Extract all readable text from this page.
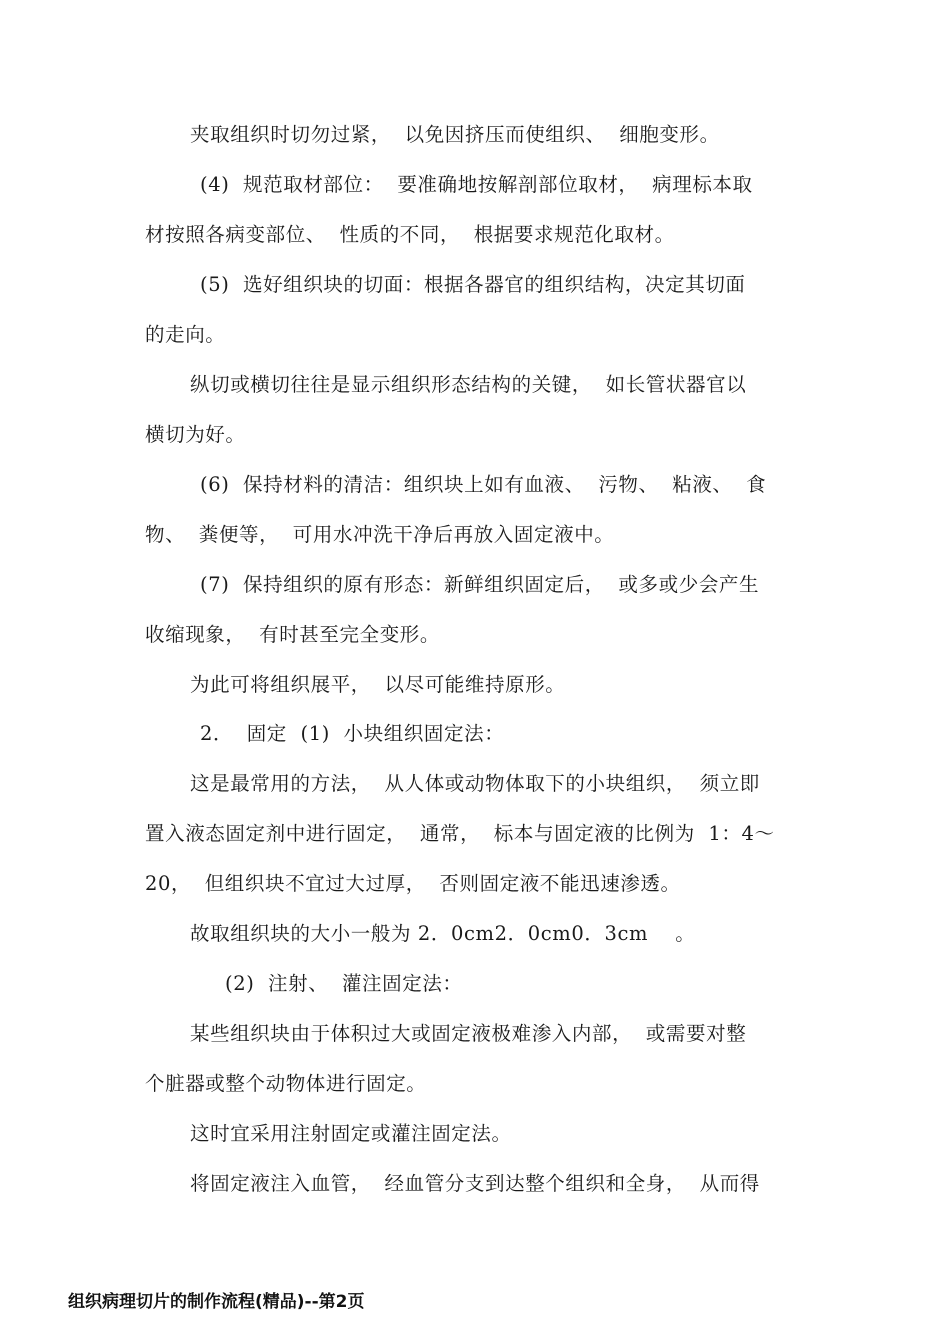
夹取组织时切勿过紧，  以免因挤压而使组织、  细胞变形。
(4)  规范取材部位：  要准确地按解剖部位取材，  病理标本取
材按照各病变部位、  性质的不同，  根据要求规范化取材。
(5)  选好组织块的切面：根据各器官的组织结构，决定其切面
的走向。
纵切或横切往往是显示组织形态结构的关键，  如长管状器官以
横切为好。
(6)  保持材料的清洁：组织块上如有血液、  污物、  粘液、  食
物、  粪便等，  可用水冲洗干净后再放入固定液中。
(7)  保持组织的原有形态：新鲜组织固定后，  或多或少会产生
收缩现象，  有时甚至完全变形。
为此可将组织展平，  以尽可能维持原形。
2．  固定  (1)  小块组织固定法：
这是最常用的方法，  从人体或动物体取下的小块组织，  须立即
置入液态固定剂中进行固定，  通常，  标本与固定液的比例为  1：4～
20，  但组织块不宜过大过厚，  否则固定液不能迅速渗透。
故取组织块的大小一般为 2．0cm2．0cm0．3cm    。
(2)  注射、  灌注固定法：
某些组织块由于体积过大或固定液极难渗入内部，  或需要对整
个脏器或整个动物体进行固定。
这时宜采用注射固定或灌注固定法。
将固定液注入血管，  经血管分支到达整个组织和全身，  从而得
组织病理切片的制作流程(精品)--第2页
